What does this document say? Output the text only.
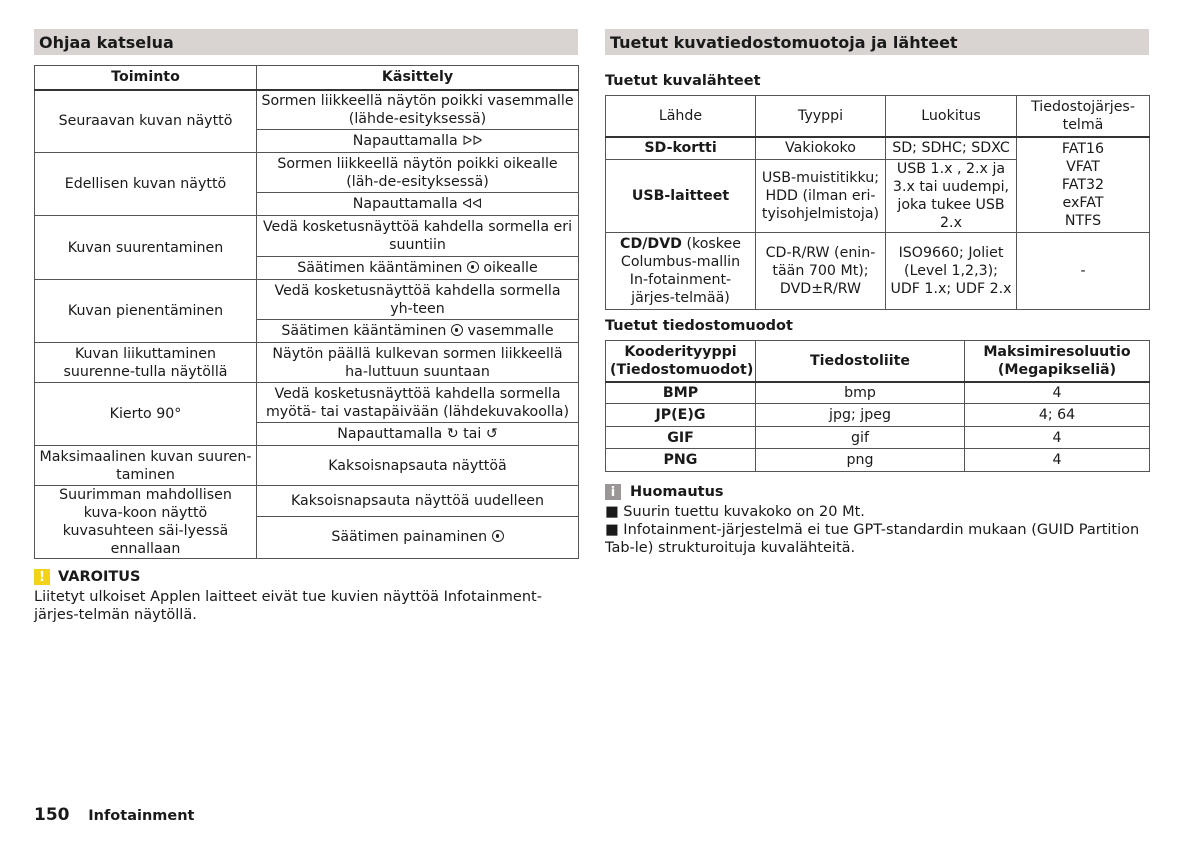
Ohjaa katselua
Toiminto	Käsittely
Seuraavan kuvan näyttö	Sormen liikkeellä näytön poikki vasemmalle (lähde-esityksessä)
	Napauttamalla ᐅᐅ
Edellisen kuvan näyttö	Sormen liikkeellä näytön poikki oikealle (läh-de-esityksessä)
	Napauttamalla ᐊᐊ
Kuvan suurentaminen	Vedä kosketusnäyttöä kahdella sormella eri suuntiin
	Säätimen kääntäminen oikealle
Kuvan pienentäminen	Vedä kosketusnäyttöä kahdella sormella yh-teen
	Säätimen kääntäminen vasemmalle
Kuvan liikuttaminen suurenne-tulla näytöllä	Näytön päällä kulkevan sormen liikkeellä ha-luttuun suuntaan
Kierto 90°	Vedä kosketusnäyttöä kahdella sormella myötä- tai vastapäivään (lähdekuvakoolla)
	Napauttamalla ↻ tai ↺
Maksimaalinen kuvan suuren-taminen	Kaksoisnapsauta näyttöä
Suurimman mahdollisen kuva-koon näyttö kuvasuhteen säi-lyessä ennallaan	Kaksoisnapsauta näyttöä uudelleen
	Säätimen painaminen
! VAROITUS

Liitetyt ulkoiset Applen laitteet eivät tue kuvien näyttöä Infotainment-järjes-telmän näytöllä.

Tuetut kuvatiedostomuotoja ja lähteet

Tuetut kuvalähteet

Lähde	Tyyppi	Luokitus	Tiedostojärjes-telmä
SD-kortti	Vakiokoko	SD; SDHC; SDXC	FAT16
VFAT
FAT32
exFAT
NTFS

USB-laitteet	USB-muistitikku; HDD (ilman eri-tyisohjelmistoja)	USB 1.x , 2.x ja 3.x tai uudempi, joka tukee USB 2.x	
CD/DVD (koskee Columbus-mallin In-fotainment-järjes-telmää)	CD-R/RW (enin-tään 700 Mt); DVD±R/RW	ISO9660; Joliet (Level 1,2,3); UDF 1.x; UDF 2.x	-

Tuetut tiedostomuodot

Kooderityyppi (Tiedostomuodot)	Tiedostoliite	Maksimiresoluutio (Megapikseliä)
BMP	bmp	4
JP(E)G	jpg; jpeg	4; 64
GIF	gif	4
PNG	png	4
i	Huomautus

■ Suurin tuettu kuvakoko on 20 Mt.

■ Infotainment-järjestelmä ei tue GPT-standardin mukaan (GUID Partition Tab-le) strukturoituja kuvalähteitä.

150 Infotainment
